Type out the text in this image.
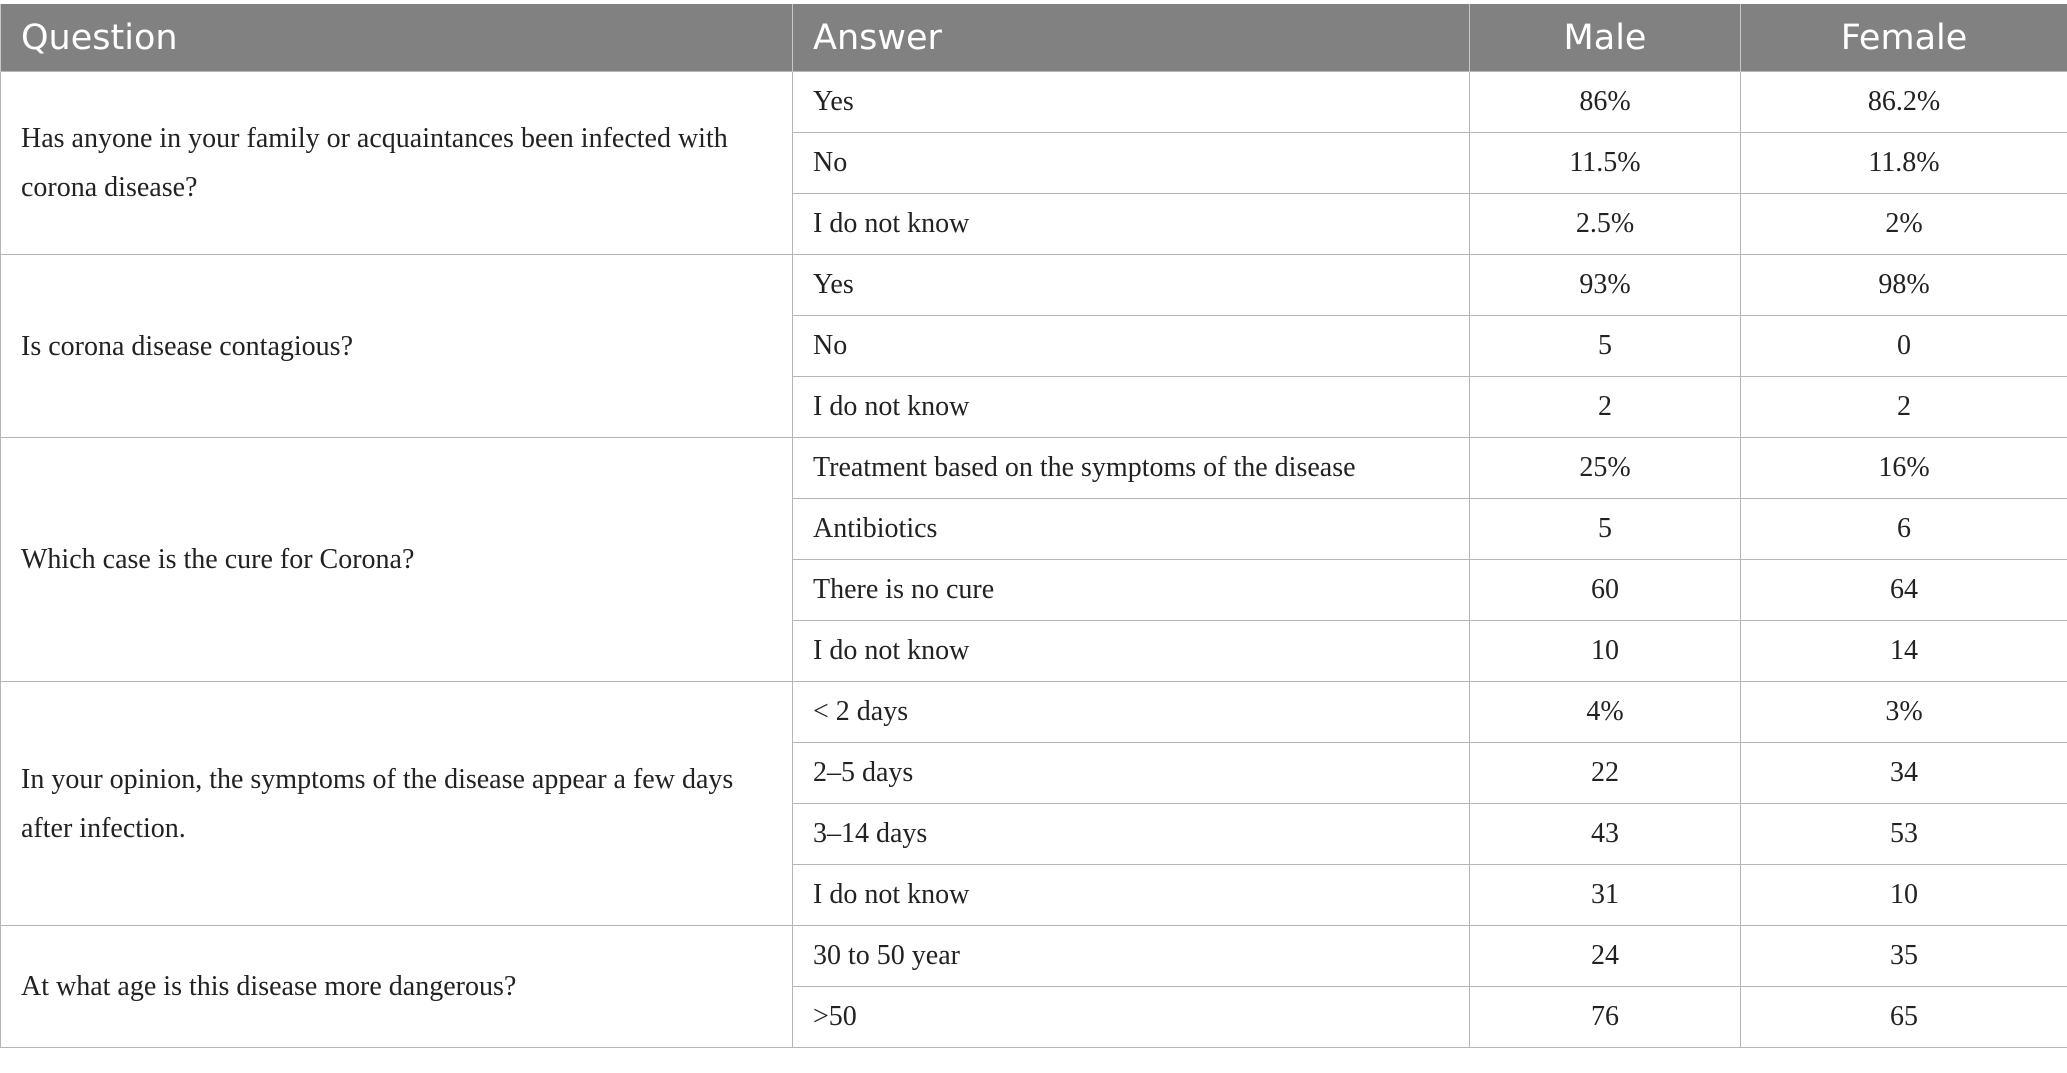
Question	Answer	Male	Female
Has anyone in your family or acquaintances been infected with corona disease?	Yes	86%	86.2%
	No	11.5%	11.8%
	I do not know	2.5%	2%
Is corona disease contagious?	Yes	93%	98%
	No	5	0
	I do not know	2	2
Which case is the cure for Corona?	Treatment based on the symptoms of the disease	25%	16%
	Antibiotics	5	6
	There is no cure	60	64
	I do not know	10	14
In your opinion, the symptoms of the disease appear a few days after infection.	< 2 days	4%	3%
	2–5 days	22	34
	3–14 days	43	53
	I do not know	31	10
At what age is this disease more dangerous?	30 to 50 year	24	35
	>50	76	65
